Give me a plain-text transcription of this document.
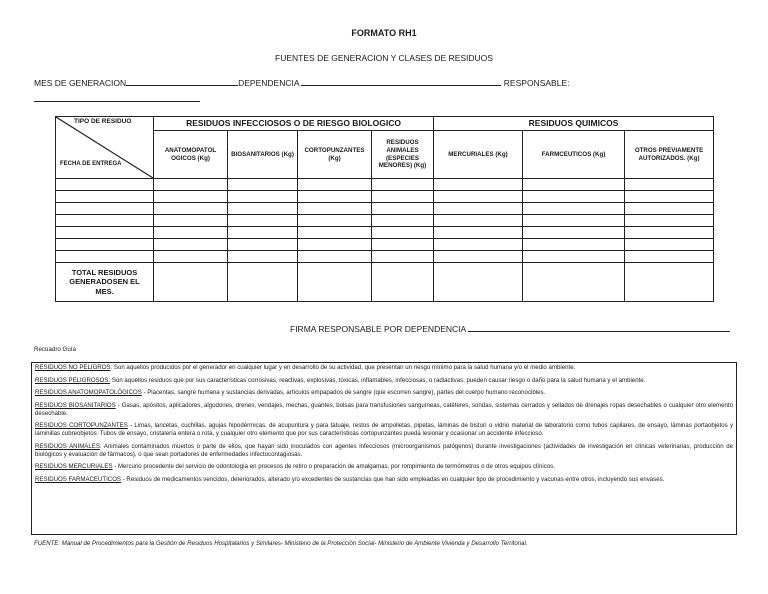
FORMATO RH1
FUENTES DE GENERACION Y CLASES DE RESIDUOS
MES DE GENERACION	DEPENDENCIA	RESPONSABLE:
TIPO DE RESIDUO
FECHA DE ENTREGA	RESIDUOS INFECCIOSOS O DE RIESGO BIOLOGICO				RESIDUOS QUIMICOS		
	ANATOMOPATOL OGICOS (Kg)	BIOSANITARIOS (Kg)	CORTOPUNZANTES (Kg)	RESIDUOS ANIMALES (ESPECIES MENORES) (Kg)	MERCURIALES (Kg)	FARMCEUTICOS (Kg)	OTROS PREVIAMENTE AUTORIZADOS. (Kg)

TOTAL RESIDUOS GENERADOSEN EL MES.							
FIRMA RESPONSABLE POR DEPENDENCIA
Recuadro Guía

RESIDUOS NO PELIGROS: Son aquellos producidos por el generador en cualquier lugar y en desarrollo de su actividad, que presentan un riesgo mínimo para la salud humana y/o el medio ambiente.

RESIDUOS PELIGROSOS: Son aquellos residuos que por sus características corrosivas, reactivas, explosivas, tóxicas, inflamables, infecciosas, o radiactivas, pueden causar riesgo o daño para la salud humana y el ambiente.

RESIDUOS ANATOMOPATOLÓGICOS - Placentas, sangre humana y sustancias derivadas, artículos empapados de sangre (que escurren sangre), partes del cuerpo humano reconocibles.

RESIDUOS BIOSANITARIOS - Gasas, apósitos, aplicadores, algodones, drenes, vendajes, mechas, guantes, bolsas para transfusiones sanguíneas, catéteres, sondas, sistemas cerrados y sellados de drenajes ropas desechables o cualquier otro elemento desechable.

RESIDUOS CORTOPUNZANTES - Limas, lancetas, cuchillas, agujas hipodérmicas, de acupuntura y para tatuaje, restos de ampolletas, pipetas, láminas de bisturí o vidrio material de laboratorio como tubos capilares, de ensayo, láminas portaobjetos y laminillas cubreobjetos. Tubos de ensayo, cristalería entera o rota, y cualquier otro elemento que por sus características cortopunzantes pueda lesionar y ocasionar un accidente infeccioso.

RESIDUOS ANIMALES: Animales contaminados muertos o parte de ellos, que hayan sido inoculados con agentes infecciosos (microorganismos patógenos) durante investigaciones (actividades de investigación en clínicas veterinarias, producción de biológicos y evaluación de fármacos), o que sean portadores de enfermedades infectocontagiosas.

RESIDUOS MERCURIALES - Mercurio procedente del servicio de odontología en procesos de retiro o preparación de amalgamas, por rompimiento de termómetros o de otros equipos clínicos.

RESIDUOS FARMACEUTICOS - Residuos de medicamentos vencidos, deteriorados, alterado y/o excedentes de sustancias que han sido empleadas en cualquier tipo de procedimiento y vacunas entre otros, incluyendo sus envases.

FUENTE: Manual de Procedimientos para la Gestión de Residuos Hospitalarios y Similares- Ministerio de la Protección Social- Ministerio de Ambiente Vivienda y Desarrollo Territorial.
